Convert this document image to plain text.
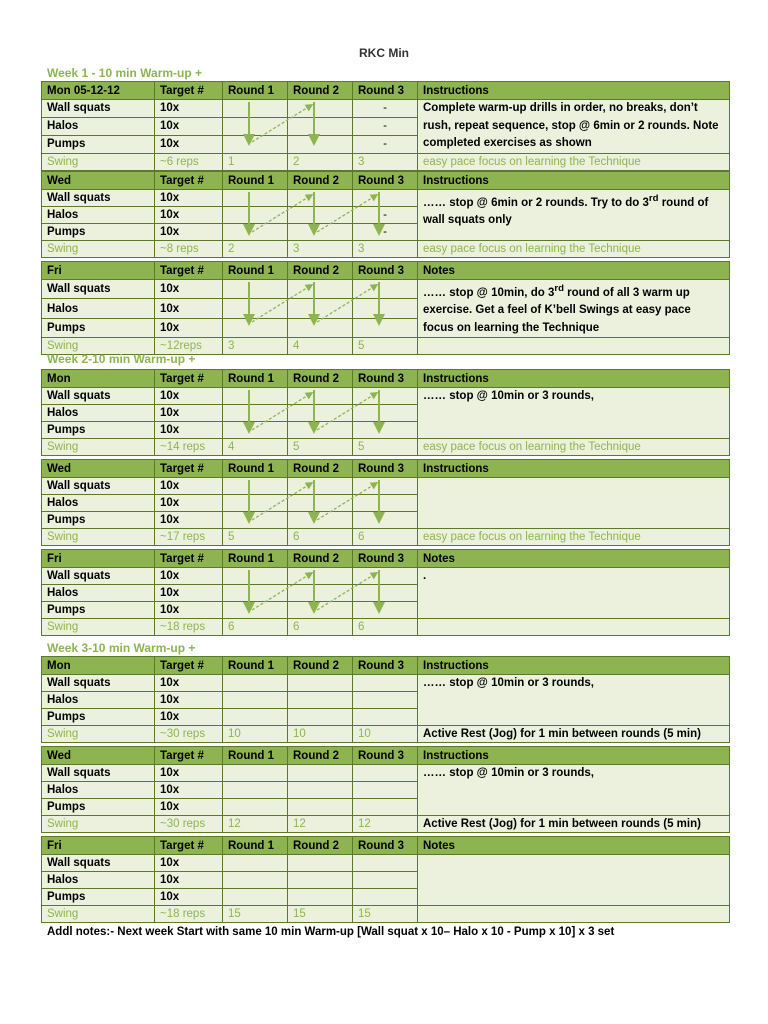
RKC Min
Week 1 - 10 min Warm-up +
Mon 05-12-12	Target #	Round 1	Round 2	Round 3	Instructions
Wall squats	10x			-	Complete warm-up drills in order, no breaks, don’t rush, repeat sequence, stop @ 6min or 2 rounds. Note completed exercises as shown
Halos	10x			-	
Pumps	10x			-	
Swing	~6 reps	1	2	3	easy pace focus on learning the Technique
Wed	Target #	Round 1	Round 2	Round 3	Instructions
Wall squats	10x				…… stop @ 6min or 2 rounds. Try to do 3rd round of wall squats only
Halos	10x			-	
Pumps	10x			-	
Swing	~8 reps	2	3	3	easy pace focus on learning the Technique
Fri	Target #	Round 1	Round 2	Round 3	Notes
Wall squats	10x				…… stop @ 10min, do 3rd round of all 3 warm up exercise. Get a feel of K’bell Swings at easy pace focus on learning the Technique
Halos	10x				
Pumps	10x				
Swing	~12reps	3	4	5	
Week 2-10 min Warm-up +
Mon	Target #	Round 1	Round 2	Round 3	Instructions
Wall squats	10x				…… stop @ 10min or 3 rounds,
Halos	10x				
Pumps	10x				
Swing	~14 reps	4	5	5	easy pace focus on learning the Technique
Wed	Target #	Round 1	Round 2	Round 3	Instructions
Wall squats	10x				
Halos	10x				
Pumps	10x				
Swing	~17 reps	5	6	6	easy pace focus on learning the Technique
Fri	Target #	Round 1	Round 2	Round 3	Notes
Wall squats	10x				.
Halos	10x				
Pumps	10x				
Swing	~18 reps	6	6	6	
Week 3-10 min Warm-up +
Mon	Target #	Round 1	Round 2	Round 3	Instructions
Wall squats	10x				…… stop @ 10min or 3 rounds,
Halos	10x				
Pumps	10x				
Swing	~30 reps	10	10	10	Active Rest (Jog) for 1 min between rounds (5 min)
Wed	Target #	Round 1	Round 2	Round 3	Instructions
Wall squats	10x				…… stop @ 10min or 3 rounds,
Halos	10x				
Pumps	10x				
Swing	~30 reps	12	12	12	Active Rest (Jog) for 1 min between rounds (5 min)
Fri	Target #	Round 1	Round 2	Round 3	Notes
Wall squats	10x				
Halos	10x				
Pumps	10x				
Swing	~18 reps	15	15	15	
Addl notes:- Next week Start with same 10 min Warm-up [Wall squat x 10– Halo x 10 - Pump x 10] x 3 set
